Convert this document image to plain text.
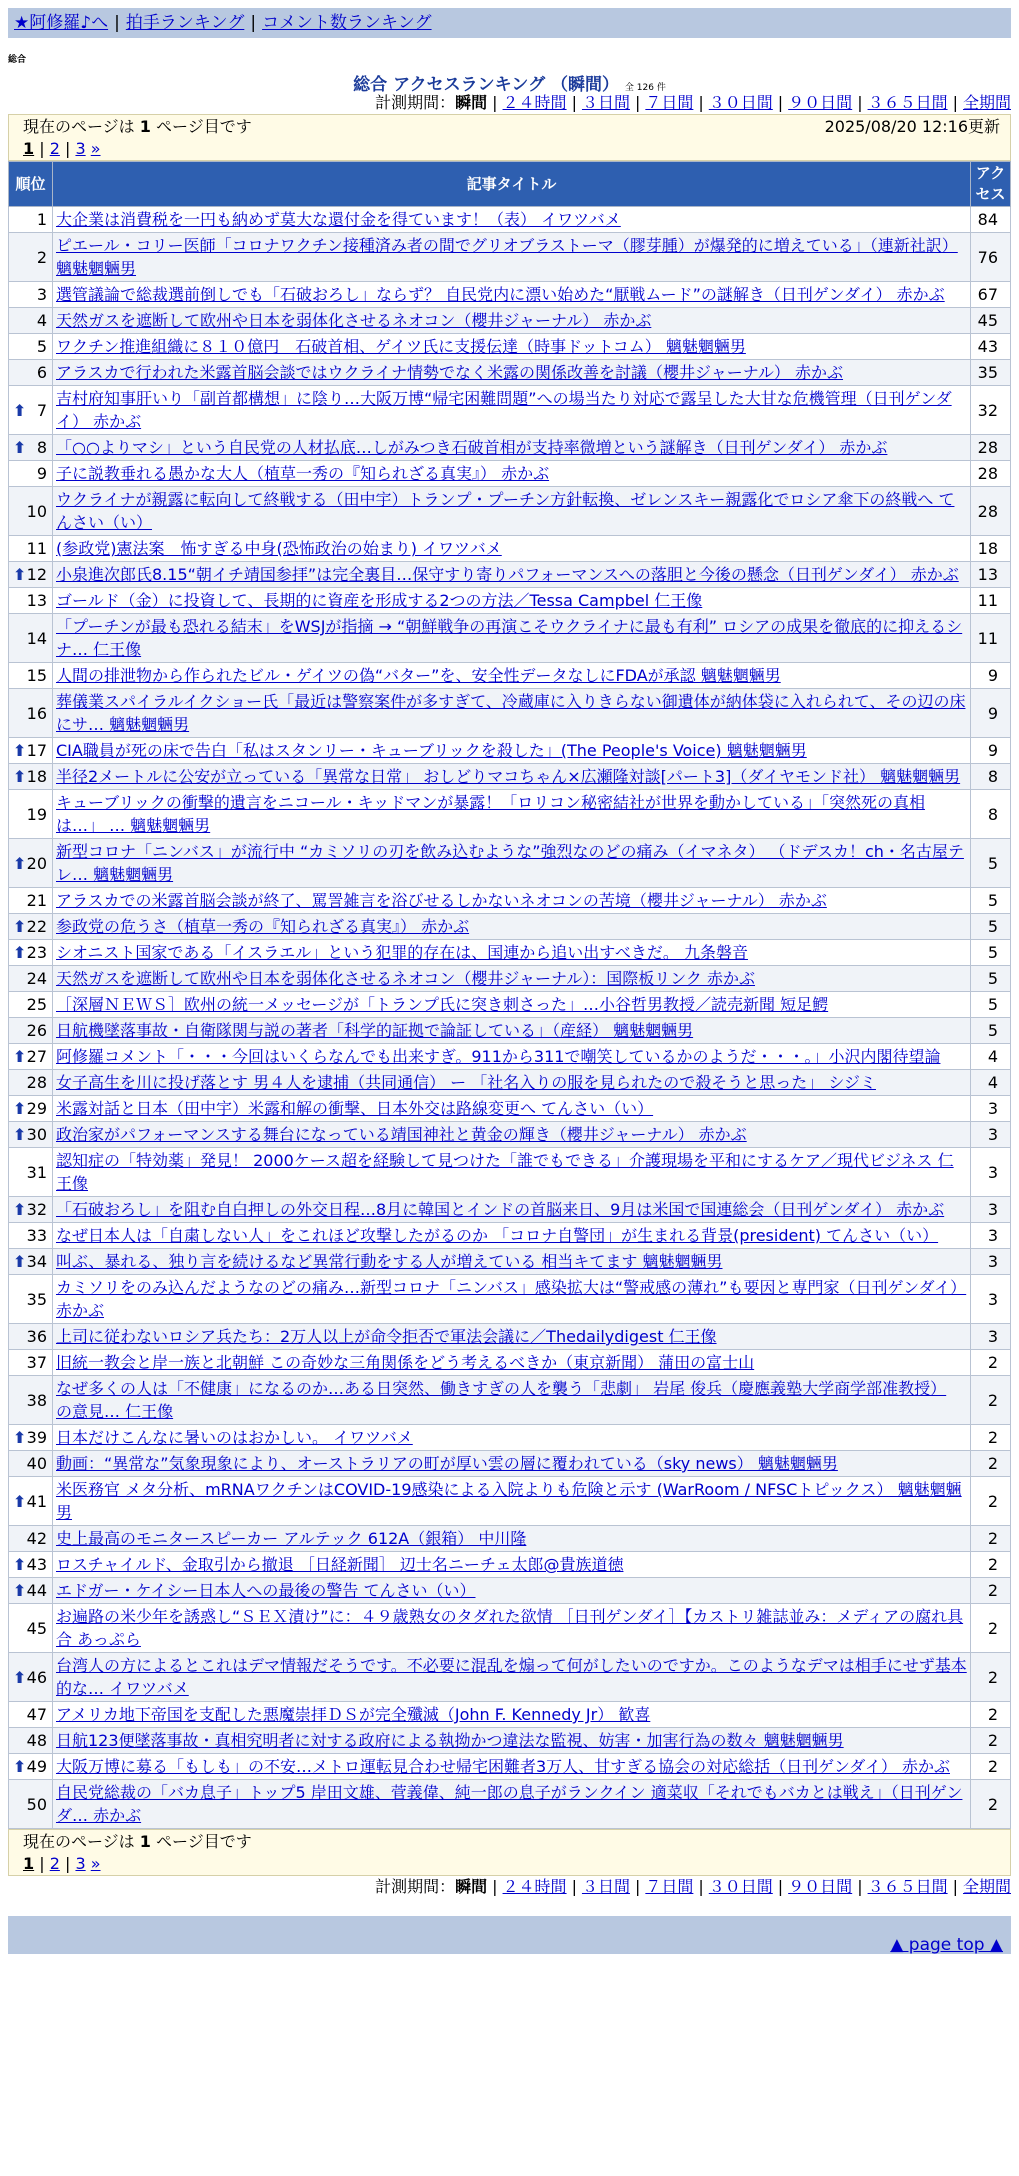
★阿修羅♪へ | 拍手ランキング | コメント数ランキング
総合
総合 アクセスランキング （瞬間） 全 126 件
計測期間：瞬間 | ２４時間 | ３日間 | ７日間 | ３０日間 | ９０日間 | ３６５日間 | 全期間
現在のページは 1 ページ目です	2025/08/20 12:16更新
1 | 2 | 3 »
順位	記事タイトル	アクセス
1	大企業は消費税を一円も納めず莫大な還付金を得ています！（表） イワツバメ	84
2	ピエール・コリー医師「コロナワクチン接種済み者の間でグリオブラストーマ（膠芽腫）が爆発的に増えている」（連新社訳） 魑魅魍魎男	76
3	選管議論で総裁選前倒しでも「石破おろし」ならず？ 自民党内に漂い始めた“厭戦ムード”の謎解き（日刊ゲンダイ） 赤かぶ	67
4	天然ガスを遮断して欧州や日本を弱体化させるネオコン（櫻井ジャーナル） 赤かぶ	45
5	ワクチン推進組織に８１０億円　石破首相、ゲイツ氏に支援伝達（時事ドットコム） 魑魅魍魎男	43
6	アラスカで行われた米露首脳会談ではウクライナ情勢でなく米露の関係改善を討議（櫻井ジャーナル） 赤かぶ	35

⬆ 7	吉村府知事肝いり「副首都構想」に陰り…大阪万博“帰宅困難問題”への場当たり対応で露呈した大甘な危機管理（日刊ゲンダイ） 赤かぶ	32

⬆ 8	「○○よりマシ」という自民党の人材払底…しがみつき石破首相が支持率微増という謎解き（日刊ゲンダイ） 赤かぶ	28
9	子に説教垂れる愚かな大人（植草一秀の『知られざる真実』） 赤かぶ	28
10	ウクライナが親露に転向して終戦する（田中宇）トランプ・プーチン方針転換、ゼレンスキー親露化でロシア傘下の終戦へ てんさい（い）	28
11	(参政党)憲法案　怖すぎる中身(恐怖政治の始まり) イワツバメ	18

⬆ 12	小泉進次郎氏8.15“朝イチ靖国参拝”は完全裏目…保守すり寄りパフォーマンスへの落胆と今後の懸念（日刊ゲンダイ） 赤かぶ	13
13	ゴールド（金）に投資して、長期的に資産を形成する2つの方法／Tessa Campbel 仁王像	11
14	「プーチンが最も恐れる結末」をWSJが指摘 → “朝鮮戦争の再演こそウクライナに最も有利” ロシアの成果を徹底的に抑えるシナ… 仁王像	11
15	人間の排泄物から作られたビル・ゲイツの偽“バター”を、安全性データなしにFDAが承認 魑魅魍魎男	9
16	葬儀業スパイラルイクショー氏「最近は警察案件が多すぎて、冷蔵庫に入りきらない御遺体が納体袋に入れられて、その辺の床にサ… 魑魅魍魎男	9

⬆ 17	CIA職員が死の床で告白「私はスタンリー・キューブリックを殺した」(The People's Voice) 魑魅魍魎男	9

⬆ 18	半径2メートルに公安が立っている「異常な日常」 おしどりマコちゃん×広瀬隆対談[パート3]（ダイヤモンド社） 魑魅魍魎男	8
19	キューブリックの衝撃的遺言をニコール・キッドマンが暴露！「ロリコン秘密結社が世界を動かしている」「突然死の真相は…」 … 魑魅魍魎男	8

⬆ 20	新型コロナ「ニンバス」が流行中 “カミソリの刃を飲み込むような”強烈なのどの痛み（イマネタ） （ドデスカ！ch・名古屋テレ… 魑魅魍魎男	5
21	アラスカでの米露首脳会談が終了、罵詈雑言を浴びせるしかないネオコンの苦境（櫻井ジャーナル） 赤かぶ	5

⬆ 22	参政党の危うさ（植草一秀の『知られざる真実』） 赤かぶ	5

⬆ 23	シオニスト国家である「イスラエル」という犯罪的存在は、国連から追い出すべきだ。 九条磐音	5
24	天然ガスを遮断して欧州や日本を弱体化させるネオコン（櫻井ジャーナル）：国際板リンク 赤かぶ	5
25	［深層ＮＥＷＳ］欧州の統一メッセージが「トランプ氏に突き刺さった」…小谷哲男教授／読売新聞 短足鰐	5
26	日航機墜落事故・自衛隊関与説の著者「科学的証拠で論証している」（産経） 魑魅魍魎男	5

⬆ 27	阿修羅コメント「・・・今回はいくらなんでも出来すぎ。911から311で嘲笑しているかのようだ・・・。」小沢内閣待望論	4
28	女子高生を川に投げ落とす 男４人を逮捕（共同通信） ー 「社名入りの服を見られたので殺そうと思った」 シジミ	4

⬆ 29	米露対話と日本（田中宇）米露和解の衝撃、日本外交は路線変更へ てんさい（い）	3

⬆ 30	政治家がパフォーマンスする舞台になっている靖国神社と黄金の輝き（櫻井ジャーナル） 赤かぶ	3
31	認知症の「特効薬」発見！ 2000ケース超を経験して見つけた「誰でもできる」介護現場を平和にするケア／現代ビジネス 仁王像	3

⬆ 32	「石破おろし」を阻む自白押しの外交日程…8月に韓国とインドの首脳来日、9月は米国で国連総会（日刊ゲンダイ） 赤かぶ	3
33	なぜ日本人は「自粛しない人」をこれほど攻撃したがるのか 「コロナ自警団」が生まれる背景(president) てんさい（い）	3

⬆ 34	叫ぶ、暴れる、独り言を続けるなど異常行動をする人が増えている 相当キてます 魑魅魍魎男	3
35	カミソリをのみ込んだようなのどの痛み…新型コロナ「ニンバス」感染拡大は“警戒感の薄れ”も要因と専門家（日刊ゲンダイ） 赤かぶ	3
36	上司に従わないロシア兵たち：2万人以上が命令拒否で軍法会議に／Thedailydigest 仁王像	3
37	旧統一教会と岸一族と北朝鮮 この奇妙な三角関係をどう考えるべきか（東京新聞） 蒲田の富士山	2
38	なぜ多くの人は「不健康」になるのか…ある日突然、働きすぎの人を襲う「悲劇」 岩尾 俊兵（慶應義塾大学商学部准教授） の意見… 仁王像	2

⬆ 39	日本だけこんなに暑いのはおかしい。 イワツバメ	2
40	動画：“異常な”気象現象により、オーストラリアの町が厚い雲の層に覆われている（sky news） 魑魅魍魎男	2

⬆ 41	米医務官 メタ分析、mRNAワクチンはCOVID-19感染による入院よりも危険と示す (WarRoom / NFSCトピックス） 魑魅魍魎男	2
42	史上最高のモニタースピーカー アルテック 612A（銀箱） 中川隆	2

⬆ 43	ロスチャイルド、金取引から撤退 ［日経新聞］ 辺士名ニーチェ太郎@貴族道徳	2

⬆ 44	エドガー・ケイシー日本人への最後の警告 てんさい（い）	2
45	お遍路の米少年を誘惑し“ＳＥＸ漬け”に：４９歳熟女のタダれた欲情 ［日刊ゲンダイ］【カストリ雑誌並み：メディアの腐れ具合 あっぷら	2

⬆ 46	台湾人の方によるとこれはデマ情報だそうです。不必要に混乱を煽って何がしたいのですか。このようなデマは相手にせず基本的な… イワツバメ	2
47	アメリカ地下帝国を支配した悪魔崇拝ＤＳが完全殲滅（John F. Kennedy Jr） 歓喜	2
48	日航123便墜落事故・真相究明者に対する政府による執拗かつ違法な監視、妨害・加害行為の数々 魑魅魍魎男	2

⬆ 49	大阪万博に募る「もしも」の不安…メトロ運転見合わせ帰宅困難者3万人、甘すぎる協会の対応総括（日刊ゲンダイ） 赤かぶ	2
50	自民党総裁の「バカ息子」トップ5 岸田文雄、菅義偉、純一郎の息子がランクイン 適菜収「それでもバカとは戦え」（日刊ゲンダ… 赤かぶ	2
現在のページは 1 ページ目です
1 | 2 | 3 »
計測期間：瞬間 | ２４時間 | ３日間 | ７日間 | ３０日間 | ９０日間 | ３６５日間 | 全期間
▲ page top ▲
